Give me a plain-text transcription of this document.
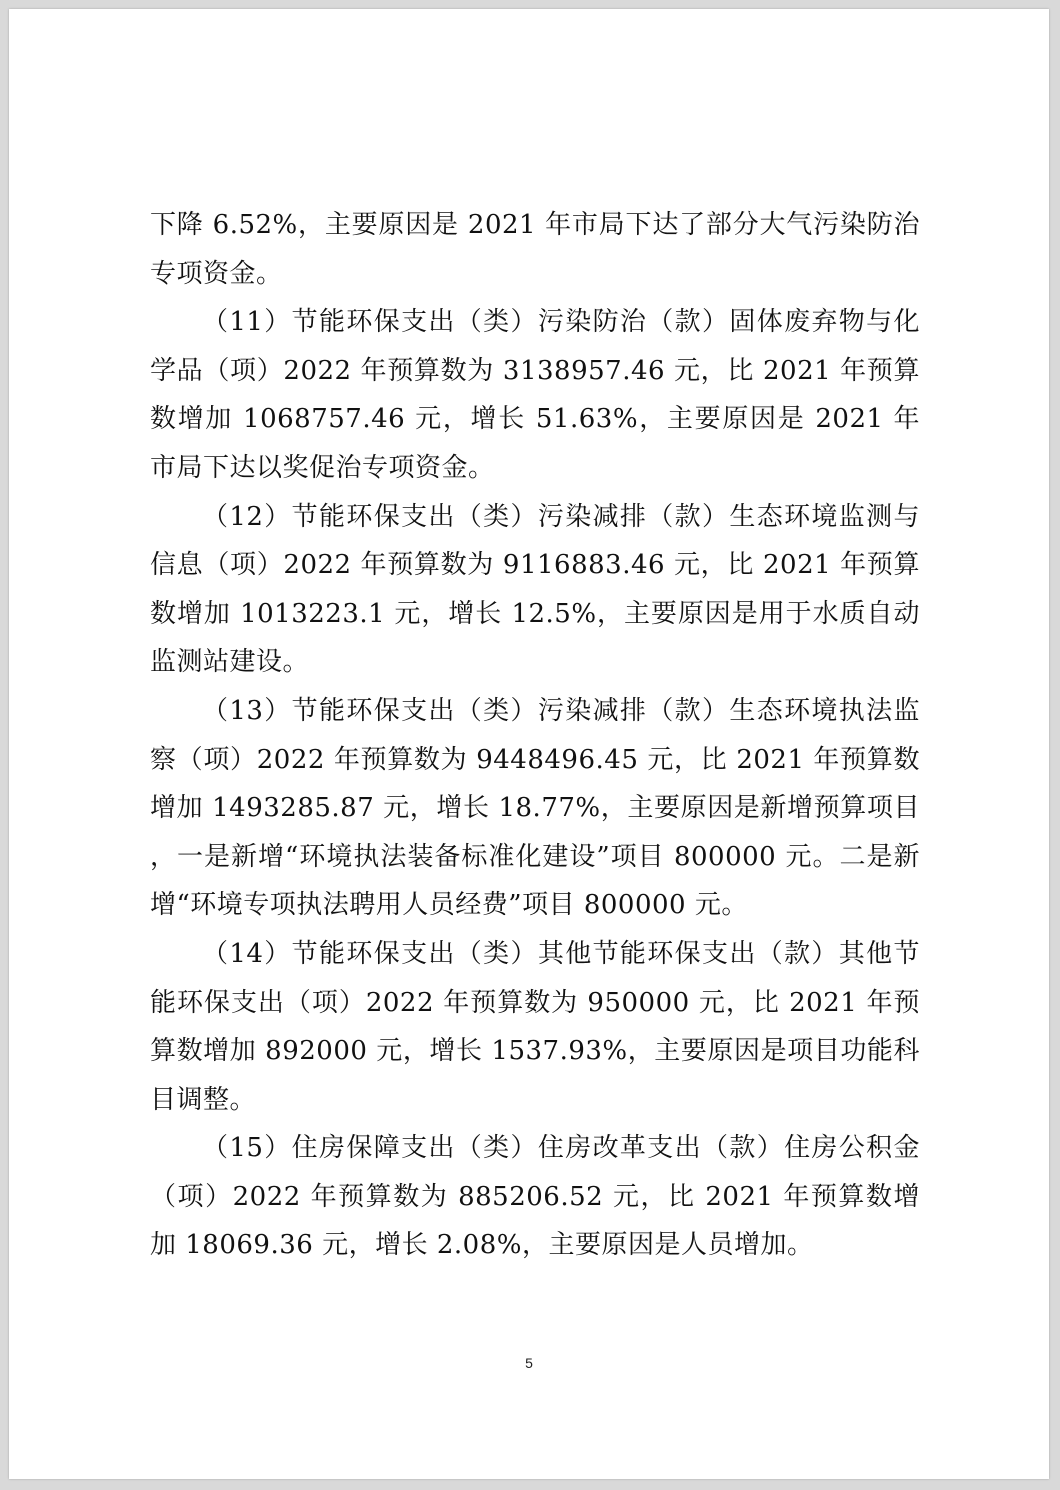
下降 6.52%，主要原因是 2021 年市局下达了部分大气污染防治专项资金。

（11）节能环保支出（类）污染防治（款）固体废弃物与化学品（项）2022 年预算数为 3138957.46 元，比 2021 年预算数增加 1068757.46 元，增长 51.63%，主要原因是 2021 年市局下达以奖促治专项资金。

（12）节能环保支出（类）污染减排（款）生态环境监测与信息（项）2022 年预算数为 9116883.46 元，比 2021 年预算数增加 1013223.1 元，增长 12.5%，主要原因是用于水质自动监测站建设。

（13）节能环保支出（类）污染减排（款）生态环境执法监察（项）2022 年预算数为 9448496.45 元，比 2021 年预算数增加 1493285.87 元，增长 18.77%，主要原因是新增预算项目，一是新增“环境执法装备标准化建设”项目 800000 元。二是新增“环境专项执法聘用人员经费”项目 800000 元。

（14）节能环保支出（类）其他节能环保支出（款）其他节能环保支出（项）2022 年预算数为 950000 元，比 2021 年预算数增加 892000 元，增长 1537.93%，主要原因是项目功能科目调整。

（15）住房保障支出（类）住房改革支出（款）住房公积金（项）2022 年预算数为 885206.52 元，比 2021 年预算数增加 18069.36 元，增长 2.08%，主要原因是人员增加。

5
